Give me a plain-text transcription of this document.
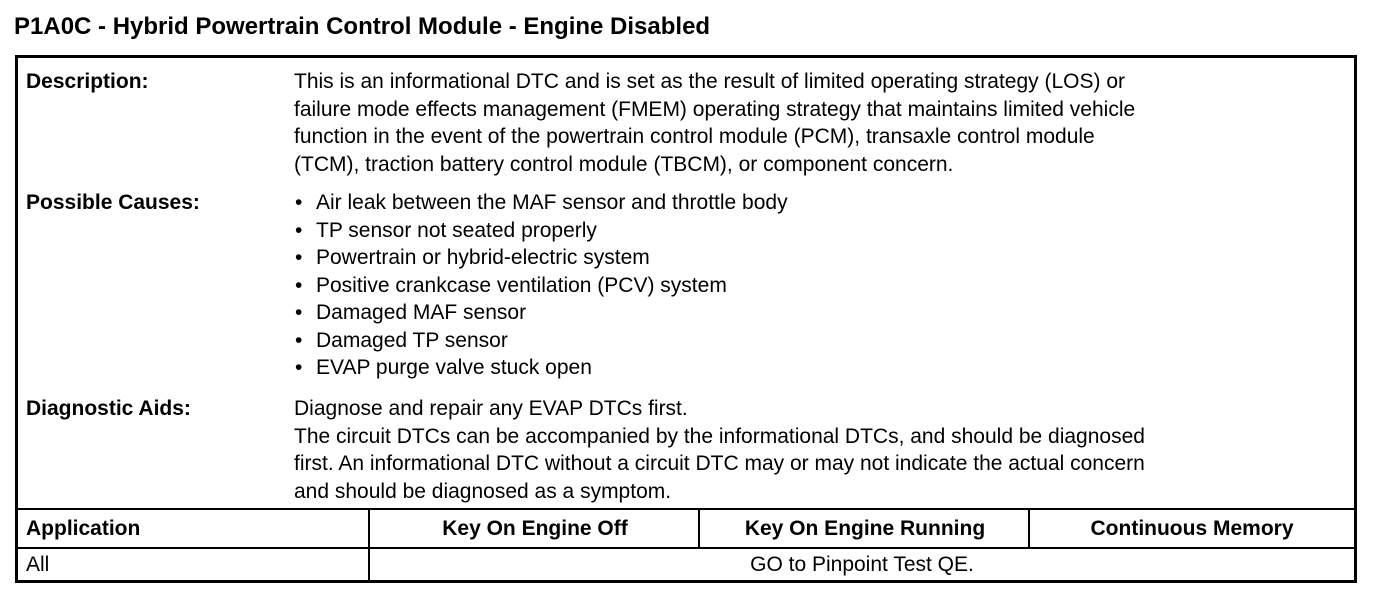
P1A0C - Hybrid Powertrain Control Module - Engine Disabled
Description:	This is an informational DTC and is set as the result of limited operating strategy (LOS) or
failure mode effects management (FMEM) operating strategy that maintains limited vehicle
function in the event of the powertrain control module (PCM), transaxle control module
(TCM), traction battery control module (TBCM), or component concern.
Possible Causes:
•	Air leak between the MAF sensor and throttle body
• TP sensor not seated properly
• Powertrain or hybrid-electric system
• Positive crankcase ventilation (PCV) system
• Damaged MAF sensor
• Damaged TP sensor
• EVAP purge valve stuck open
Diagnostic Aids:	Diagnose and repair any EVAP DTCs first.
The circuit DTCs can be accompanied by the informational DTCs, and should be diagnosed
first. An informational DTC without a circuit DTC may or may not indicate the actual concern
and should be diagnosed as a symptom.
Application	Key On Engine Off	Key On Engine Running	Continuous Memory
All	GO to Pinpoint Test QE.
